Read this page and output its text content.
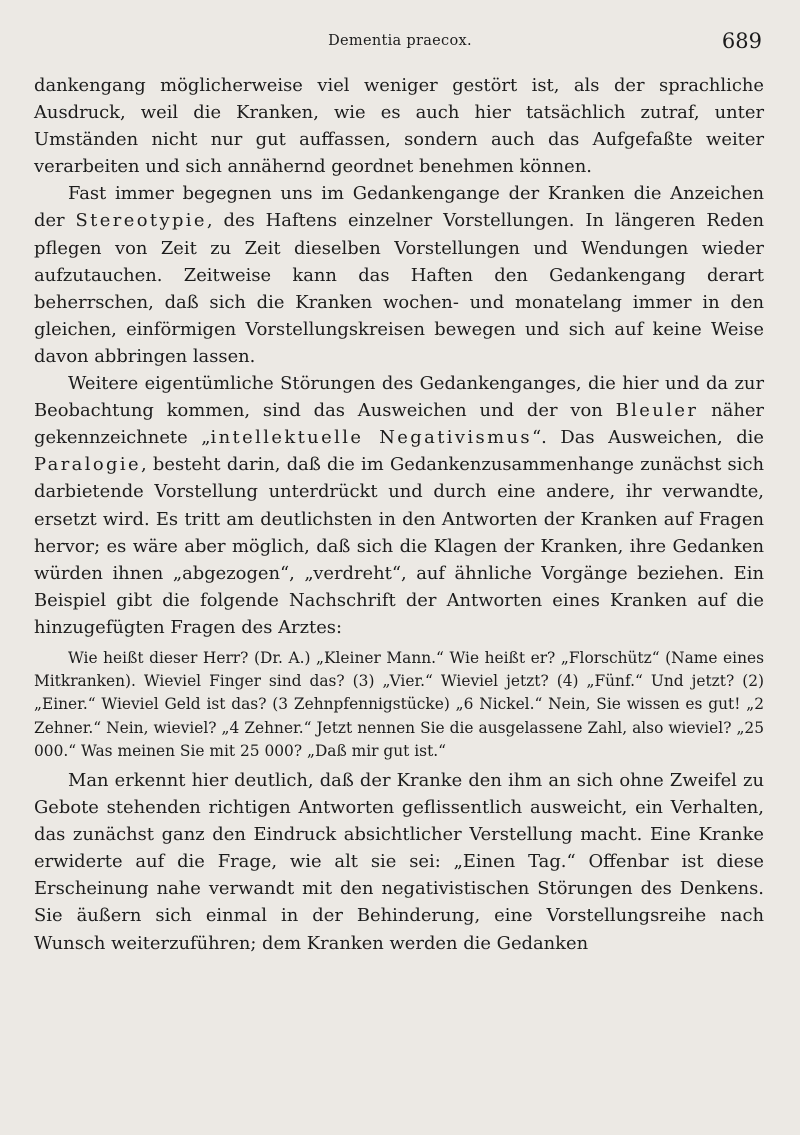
Dementia praecox.	689

dankengang möglicherweise viel weniger gestört ist, als der sprachliche Ausdruck, weil die Kranken, wie es auch hier tatsächlich zutraf, unter Umständen nicht nur gut auffassen, sondern auch das Aufgefaßte weiter verarbeiten und sich annähernd geordnet benehmen können.

Fast immer begegnen uns im Gedankengange der Kranken die Anzeichen der Stereotypie, des Haftens einzelner Vorstellungen. In längeren Reden pflegen von Zeit zu Zeit dieselben Vorstellungen und Wendungen wieder aufzutauchen. Zeitweise kann das Haften den Gedankengang derart beherrschen, daß sich die Kranken wochen- und monatelang immer in den gleichen, einförmigen Vorstellungskreisen bewegen und sich auf keine Weise davon abbringen lassen.

Weitere eigentümliche Störungen des Gedankenganges, die hier und da zur Beobachtung kommen, sind das Ausweichen und der von Bleuler näher gekennzeichnete „intellektuelle Negativismus“. Das Ausweichen, die Paralogie, besteht darin, daß die im Gedankenzusammenhange zunächst sich darbietende Vorstellung unterdrückt und durch eine andere, ihr verwandte, ersetzt wird. Es tritt am deutlichsten in den Antworten der Kranken auf Fragen hervor; es wäre aber möglich, daß sich die Klagen der Kranken, ihre Gedanken würden ihnen „abgezogen“, „verdreht“, auf ähnliche Vorgänge beziehen. Ein Beispiel gibt die folgende Nachschrift der Antworten eines Kranken auf die hinzugefügten Fragen des Arztes:

Wie heißt dieser Herr? (Dr. A.) „Kleiner Mann.“ Wie heißt er? „Florschütz“ (Name eines Mitkranken). Wieviel Finger sind das? (3) „Vier.“ Wieviel jetzt? (4) „Fünf.“ Und jetzt? (2) „Einer.“ Wieviel Geld ist das? (3 Zehnpfennigstücke) „6 Nickel.“ Nein, Sie wissen es gut! „2 Zehner.“ Nein, wieviel? „4 Zehner.“ Jetzt nennen Sie die ausgelassene Zahl, also wieviel? „25 000.“ Was meinen Sie mit 25 000? „Daß mir gut ist.“

Man erkennt hier deutlich, daß der Kranke den ihm an sich ohne Zweifel zu Gebote stehenden richtigen Antworten geflissentlich ausweicht, ein Verhalten, das zunächst ganz den Eindruck absichtlicher Verstellung macht. Eine Kranke erwiderte auf die Frage, wie alt sie sei: „Einen Tag.“ Offenbar ist diese Erscheinung nahe verwandt mit den negativistischen Störungen des Denkens. Sie äußern sich einmal in der Behinderung, eine Vorstellungsreihe nach Wunsch weiterzuführen; dem Kranken werden die Gedanken
